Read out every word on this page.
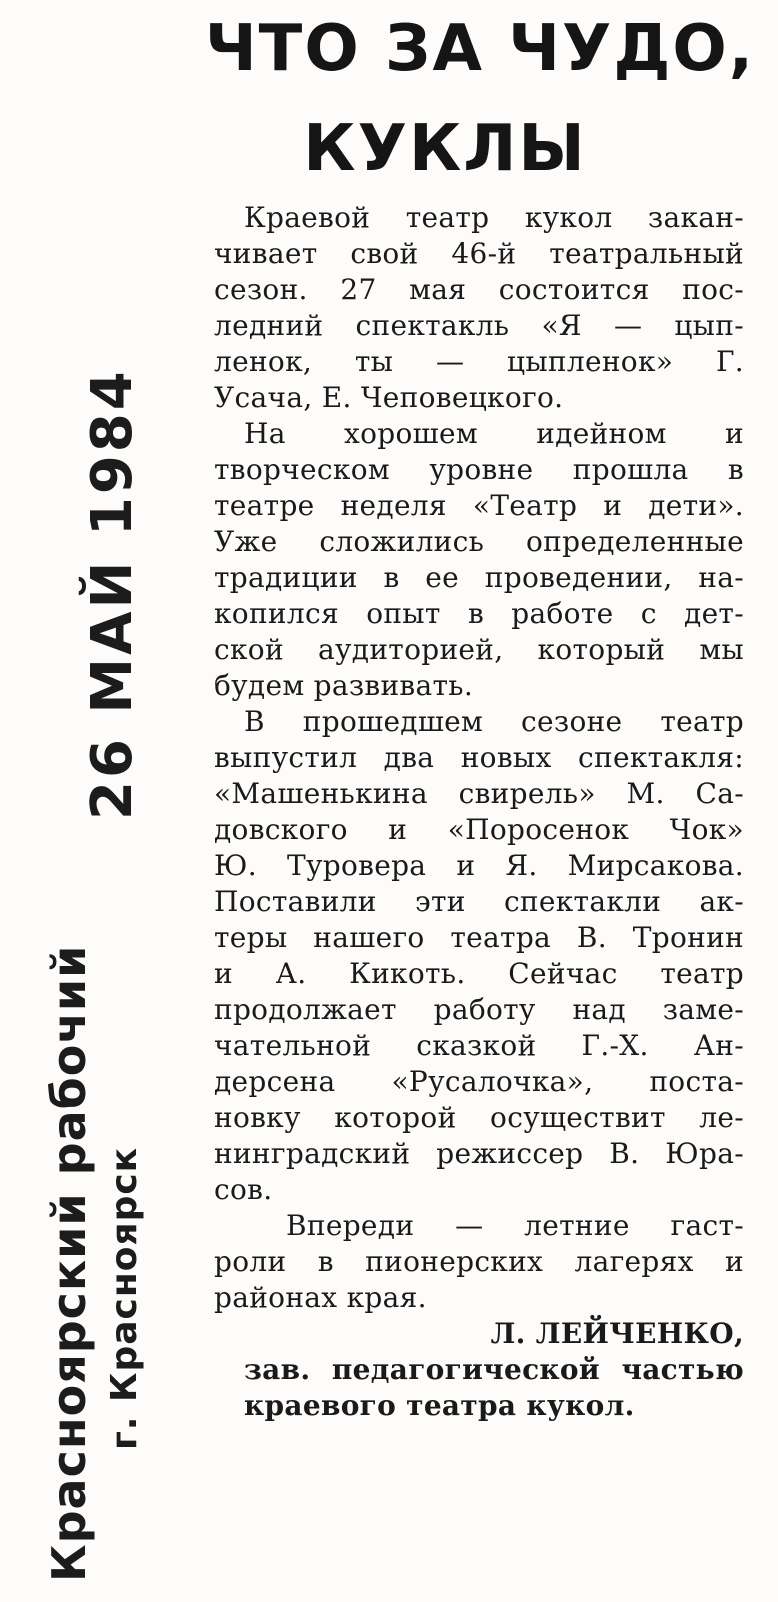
ЧТО ЗА ЧУДО,
КУКЛЫ
Краевой театр кукол закан-
чивает свой 46-й театральный
сезон. 27 мая состоится пос-
ледний спектакль «Я — цып-
ленок, ты — цыпленок» Г.
Усача, Е. Чеповецкого.
На хорошем идейном и
творческом уровне прошла в
театре неделя «Театр и дети».
Уже сложились определенные
традиции в ее проведении, на-
копился опыт в работе с дет-
ской аудиторией, который мы
будем развивать.
В прошедшем сезоне театр
выпустил два новых спектакля:
«Машенькина свирель» М. Са-
довского и «Поросенок Чок»
Ю. Туровера и Я. Мирсакова.
Поставили эти спектакли ак-
теры нашего театра В. Тронин
и А. Кикоть. Сейчас театр
продолжает работу над заме-
чательной сказкой Г.-Х. Ан-
дерсена «Русалочка», поста-
новку которой осуществит ле-
нинградский режиссер В. Юра-
сов.
Впереди — летние гаст-
роли в пионерских лагерях и
районах края.
Л. ЛЕЙЧЕНКО,
зав. педагогической частью
краевого театра кукол.
26 МАЙ 1984
Красноярский рабочий г. Красноярск
